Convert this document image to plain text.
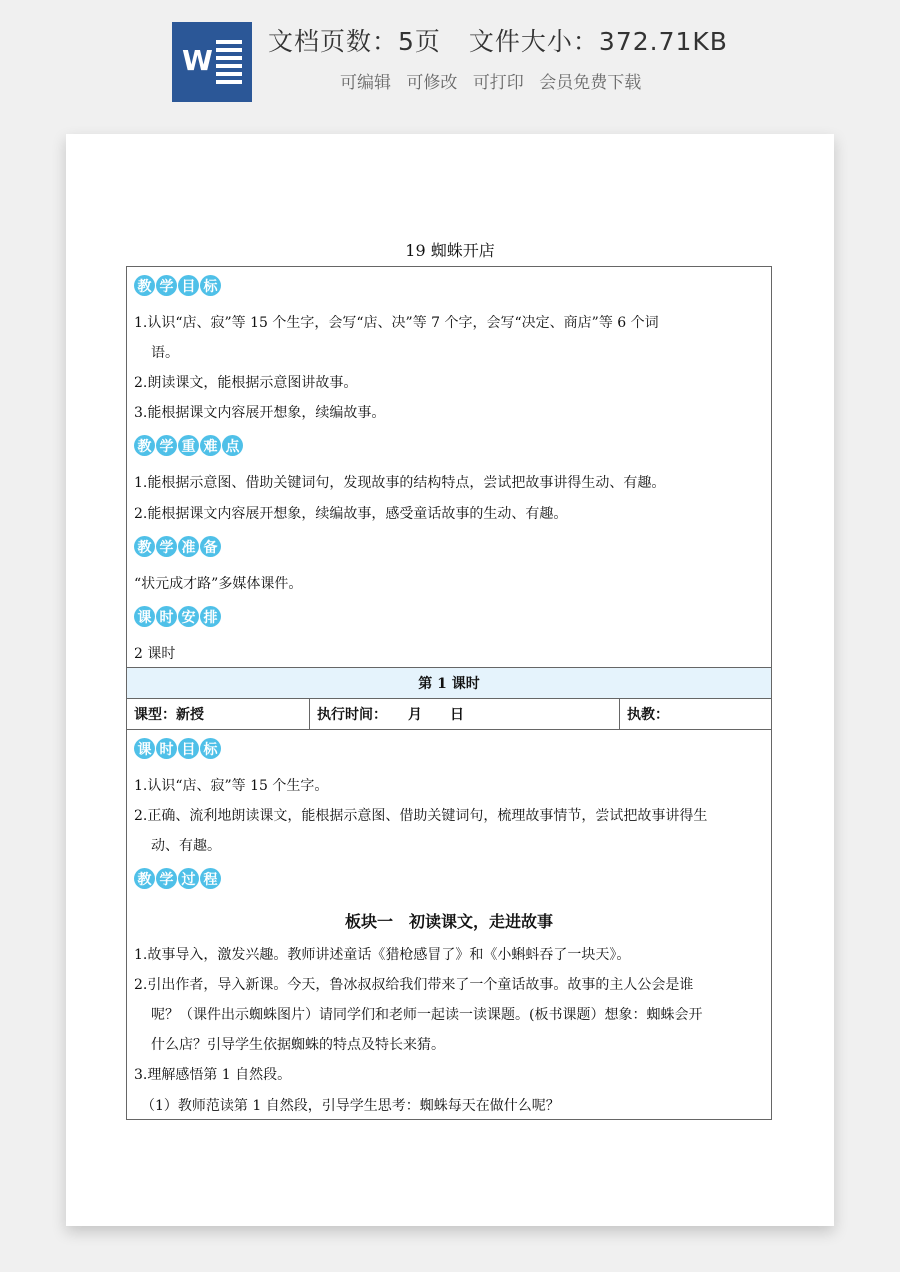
W
文档页数：5页 文件大小：372.71KB
可编辑 可修改 可打印 会员免费下载
19 蜘蛛开店
教 学 目 标
1.认识“店、寂”等 15 个生字，会写“店、决”等 7 个字，会写“决定、商店”等 6 个词
语。
2.朗读课文，能根据示意图讲故事。
3.能根据课文内容展开想象，续编故事。
教 学 重 难 点
1.能根据示意图、借助关键词句，发现故事的结构特点，尝试把故事讲得生动、有趣。
2.能根据课文内容展开想象，续编故事，感受童话故事的生动、有趣。
教 学 准 备
“状元成才路”多媒体课件。
课 时 安 排
2 课时
第 1 课时
课型：新授	执行时间：　　月　　日	执教：
课 时 目 标
1.认识“店、寂”等 15 个生字。
2.正确、流利地朗读课文，能根据示意图、借助关键词句，梳理故事情节，尝试把故事讲得生
动、有趣。
教 学 过 程
板块一　初读课文，走进故事
1.故事导入，激发兴趣。教师讲述童话《猎枪感冒了》和《小蝌蚪吞了一块天》。
2.引出作者，导入新课。今天，鲁冰叔叔给我们带来了一个童话故事。故事的主人公会是谁
呢？（课件出示蜘蛛图片）请同学们和老师一起读一读课题。(板书课题）想象：蜘蛛会开
什么店？引导学生依据蜘蛛的特点及特长来猜。
3.理解感悟第 1 自然段。
（1）教师范读第 1 自然段，引导学生思考：蜘蛛每天在做什么呢？
